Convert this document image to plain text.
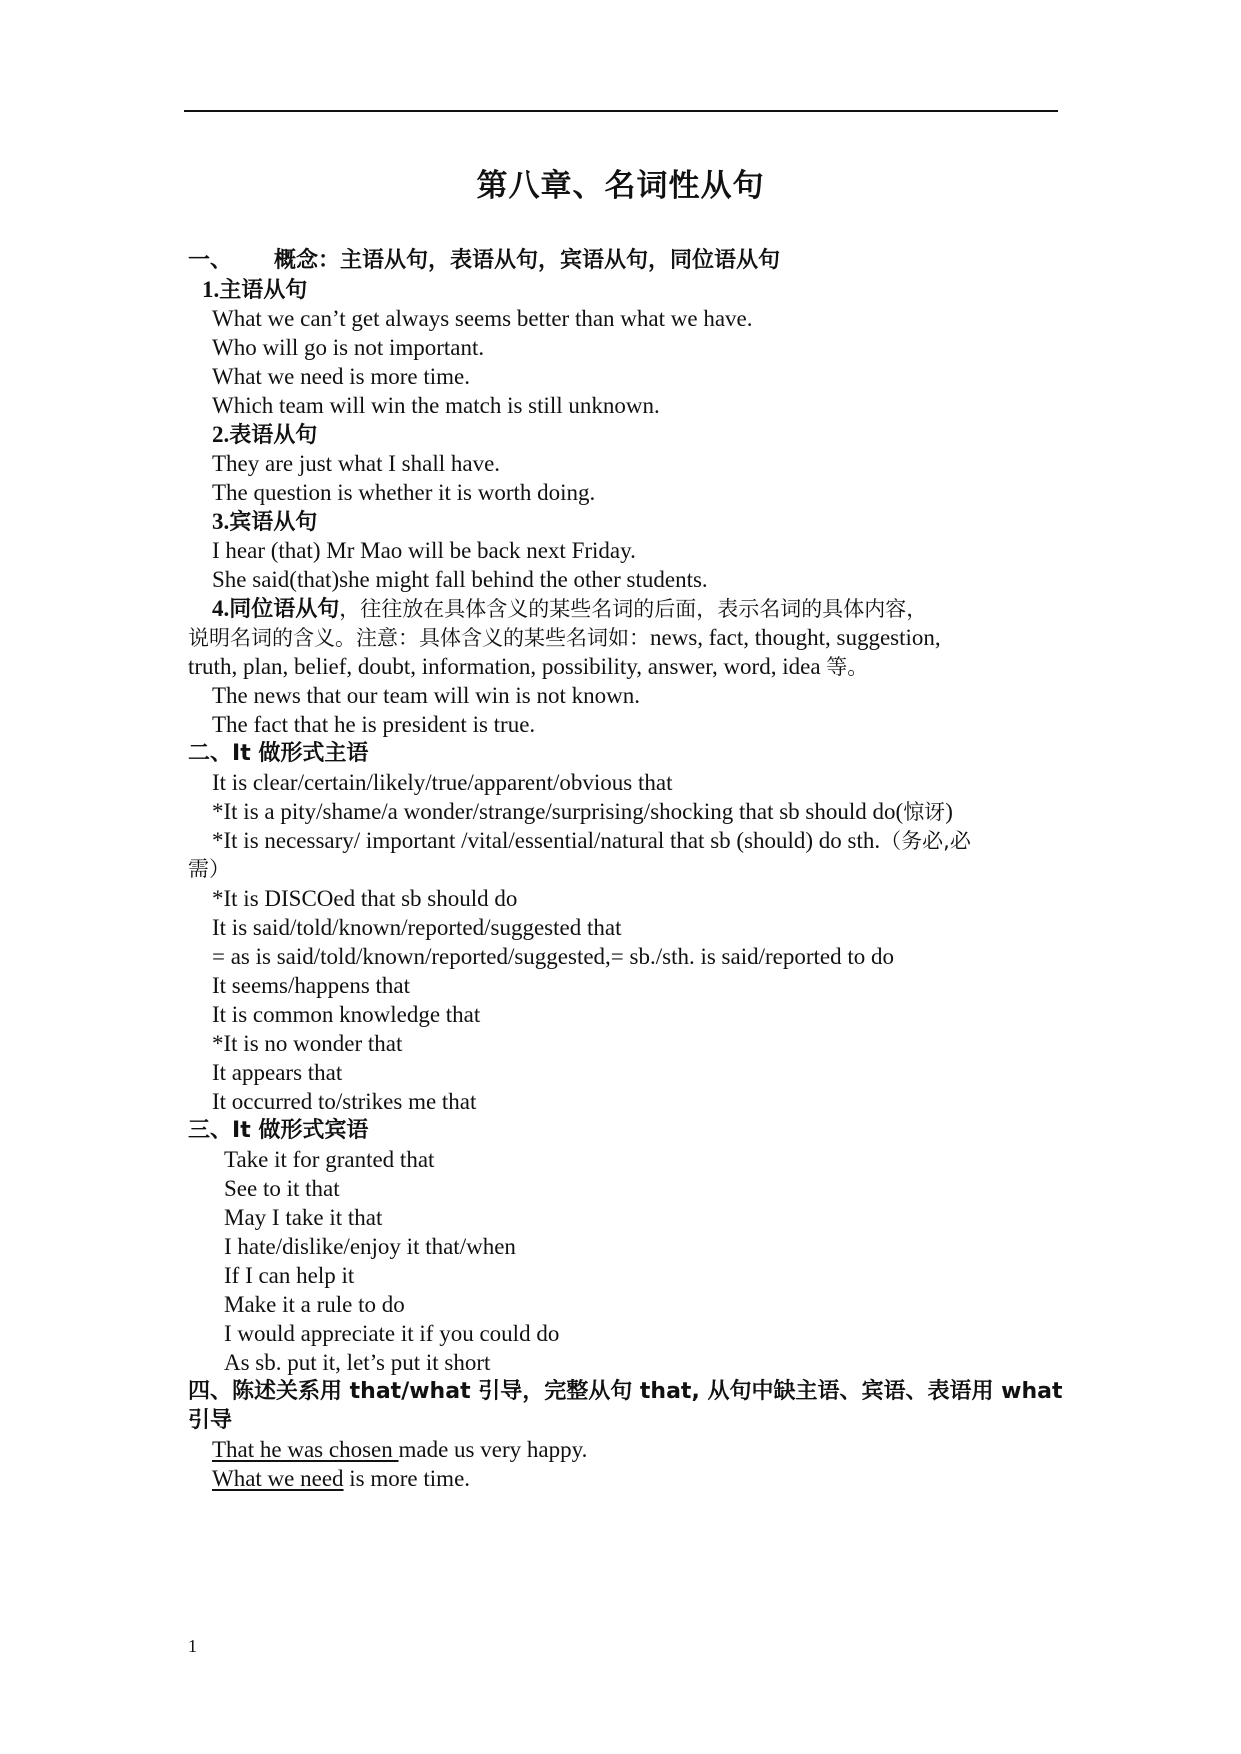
第八章、名词性从句
一、 概念：主语从句，表语从句，宾语从句，同位语从句
1.主语从句
What we can’t get always seems better than what we have.
Who will go is not important.
What we need is more time.
Which team will win the match is still unknown.
2.表语从句
They are just what I shall have.
The question is whether it is worth doing.
3.宾语从句
I hear (that) Mr Mao will be back next Friday.
She said(that)she might fall behind the other students.
4.同位语从句，往往放在具体含义的某些名词的后面，表示名词的具体内容，
说明名词的含义。注意：具体含义的某些名词如：news, fact, thought, suggestion,
truth, plan, belief, doubt, information, possibility, answer, word, idea 等。
The news that our team will win is not known.
The fact that he is president is true.
二、It 做形式主语
It is clear/certain/likely/true/apparent/obvious that
*It is a pity/shame/a wonder/strange/surprising/shocking that sb should do(惊讶)
*It is necessary/ important /vital/essential/natural that sb (should) do sth.（务必,必
需）
*It is DISCOed that sb should do
It is said/told/known/reported/suggested that
= as is said/told/known/reported/suggested,= sb./sth. is said/reported to do
It seems/happens that
It is common knowledge that
*It is no wonder that
It appears that
It occurred to/strikes me that
三、It 做形式宾语
Take it for granted that
See to it that
May I take it that
I hate/dislike/enjoy it that/when
If I can help it
Make it a rule to do
I would appreciate it if you could do
As sb. put it, let’s put it short
四、陈述关系用 that/what 引导，完整从句 that, 从句中缺主语、宾语、表语用 what
引导
That he was chosen made us very happy.
What we need is more time.
1
